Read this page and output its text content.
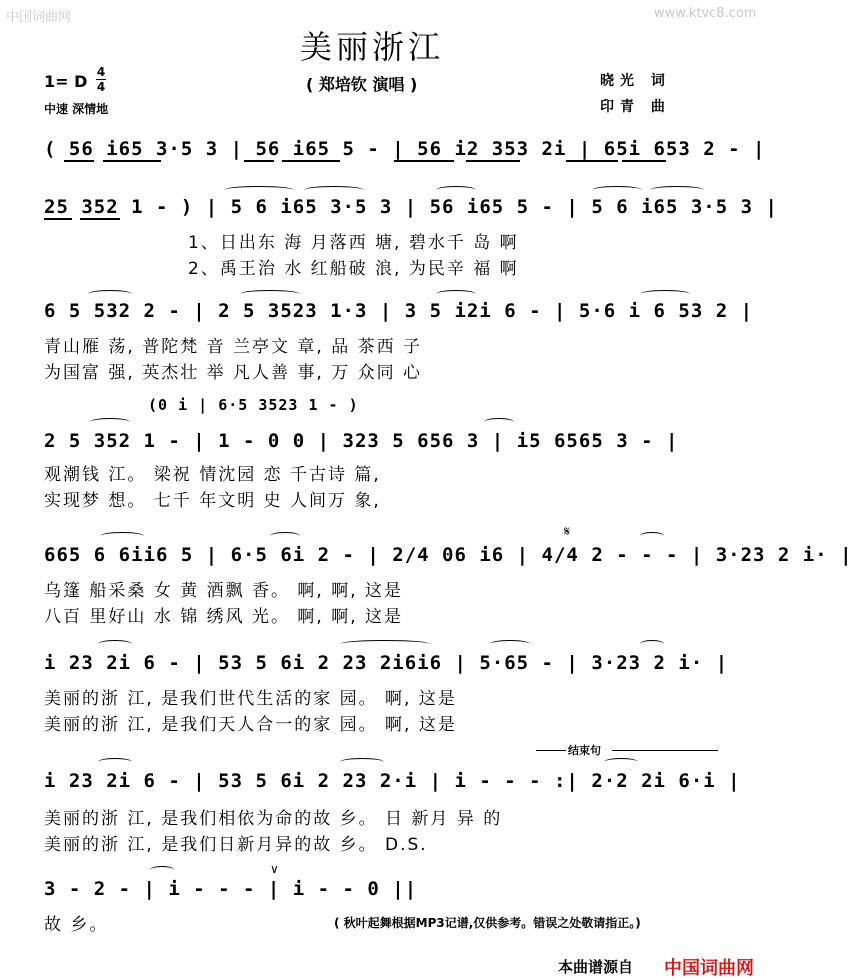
中国词曲网	www.ktvc8.com
美丽浙江
( 郑培钦 演唱 )
1= D 4
4
中速 深情地
晓光 词
印青 曲
( 56 i65 3·5 3 | 56 i65 5 - | 56 i2 353 2i | 65i 653 2 - |
25 352 1 - ) | 5 6 i65 3·5 3 | 56 i65 5 - | 5 6 i65 3·5 3 |
1、日出东 海 月落西 塘, 碧水千 岛 啊
2、禹王治 水 红船破 浪, 为民辛 福 啊
6 5 532 2 - | 2 5 3523 1·3 | 3 5 i2i 6 - | 5·6 i 6 53 2 |
青山雁 荡, 普陀梵 音 兰亭文 章, 品 茶西 子
为国富 强, 英杰壮 举 凡人善 事, 万 众同 心
(0 i | 6·5 3523 1 - )
2 5 352 1 - | 1 - 0 0 | 323 5 656 3 | i5 6565 3 - |
观潮钱 江。 梁祝 情沈园 恋 千古诗 篇,
实现梦 想。 七千 年文明 史 人间万 象,
𝄋
665 6 6ii6 5 | 6·5 6i 2 - | 2/4 06 i6 | 4/4 2 - - - | 3·23 2 i· |
乌篷 船采桑 女 黄 酒飘 香。 啊, 啊, 这是
八百 里好山 水 锦 绣风 光。 啊, 啊, 这是
i 23 2i 6 - | 53 5 6i 2 23 2i6i6 | 5·65 - | 3·23 2 i· |
美丽的浙 江, 是我们世代生活的家 园。 啊, 这是
美丽的浙 江, 是我们天人合一的家 园。 啊, 这是
结束句
i 23 2i 6 - | 53 5 6i 2 23 2·i | i - - - :| 2·2 2i 6·i |
美丽的浙 江, 是我们相依为命的故 乡。 日 新月 异 的
美丽的浙 江, 是我们日新月异的故 乡。 D.S.
3 - 2 - | i - - - | i - - 0 ||
∨
故 乡。	( 秋叶起舞根据MP3记谱,仅供参考。错误之处敬请指正。)
本曲谱源自 中国词曲网
